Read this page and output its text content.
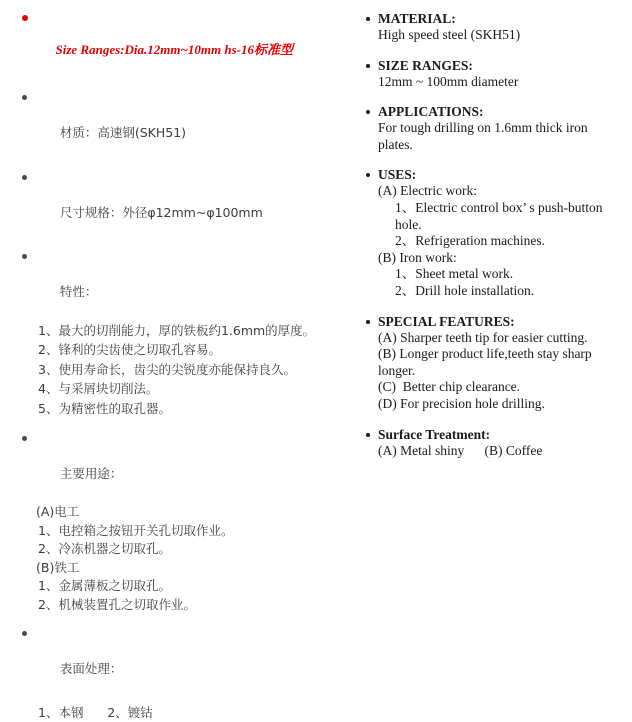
Size Ranges:Dia.12mm~10mm hs-16标准型

材质：高速钢(SKH51)

尺寸规格：外径φ12mm~φ100mm

特性：

1、最大的切削能力，厚的铁板约1.6mm的厚度。
2、锋利的尖齿使之切取孔容易。
3、使用寿命长，齿尖的尖锐度亦能保持良久。
4、与采屑块切削法。
5、为精密性的取孔器。

主要用途：

(A)电工
1、电控箱之按钮开关孔切取作业。
2、冷冻机器之切取孔。
(B)铁工
1、金属薄板之切取孔。
2、机械装置孔之切取作业。

表面处理：

1、本钢      2、镀钴
MATERIAL:
High speed steel (SKH51)
SIZE RANGES:
12mm ~ 100mm diameter
APPLICATIONS:
For tough drilling on 1.6mm thick iron plates.
USES:
(A) Electric work:
1、Electric control box’ s push-button hole.
2、Refrigeration machines.
(B) Iron work:
1、Sheet metal work.
2、Drill hole installation.
SPECIAL FEATURES:
(A) Sharper teeth tip for easier cutting.
(B) Longer product life,teeth stay sharp longer.
(C)  Better chip clearance.
(D) For precision hole drilling.
Surface Treatment:
(A) Metal shiny      (B) Coffee
